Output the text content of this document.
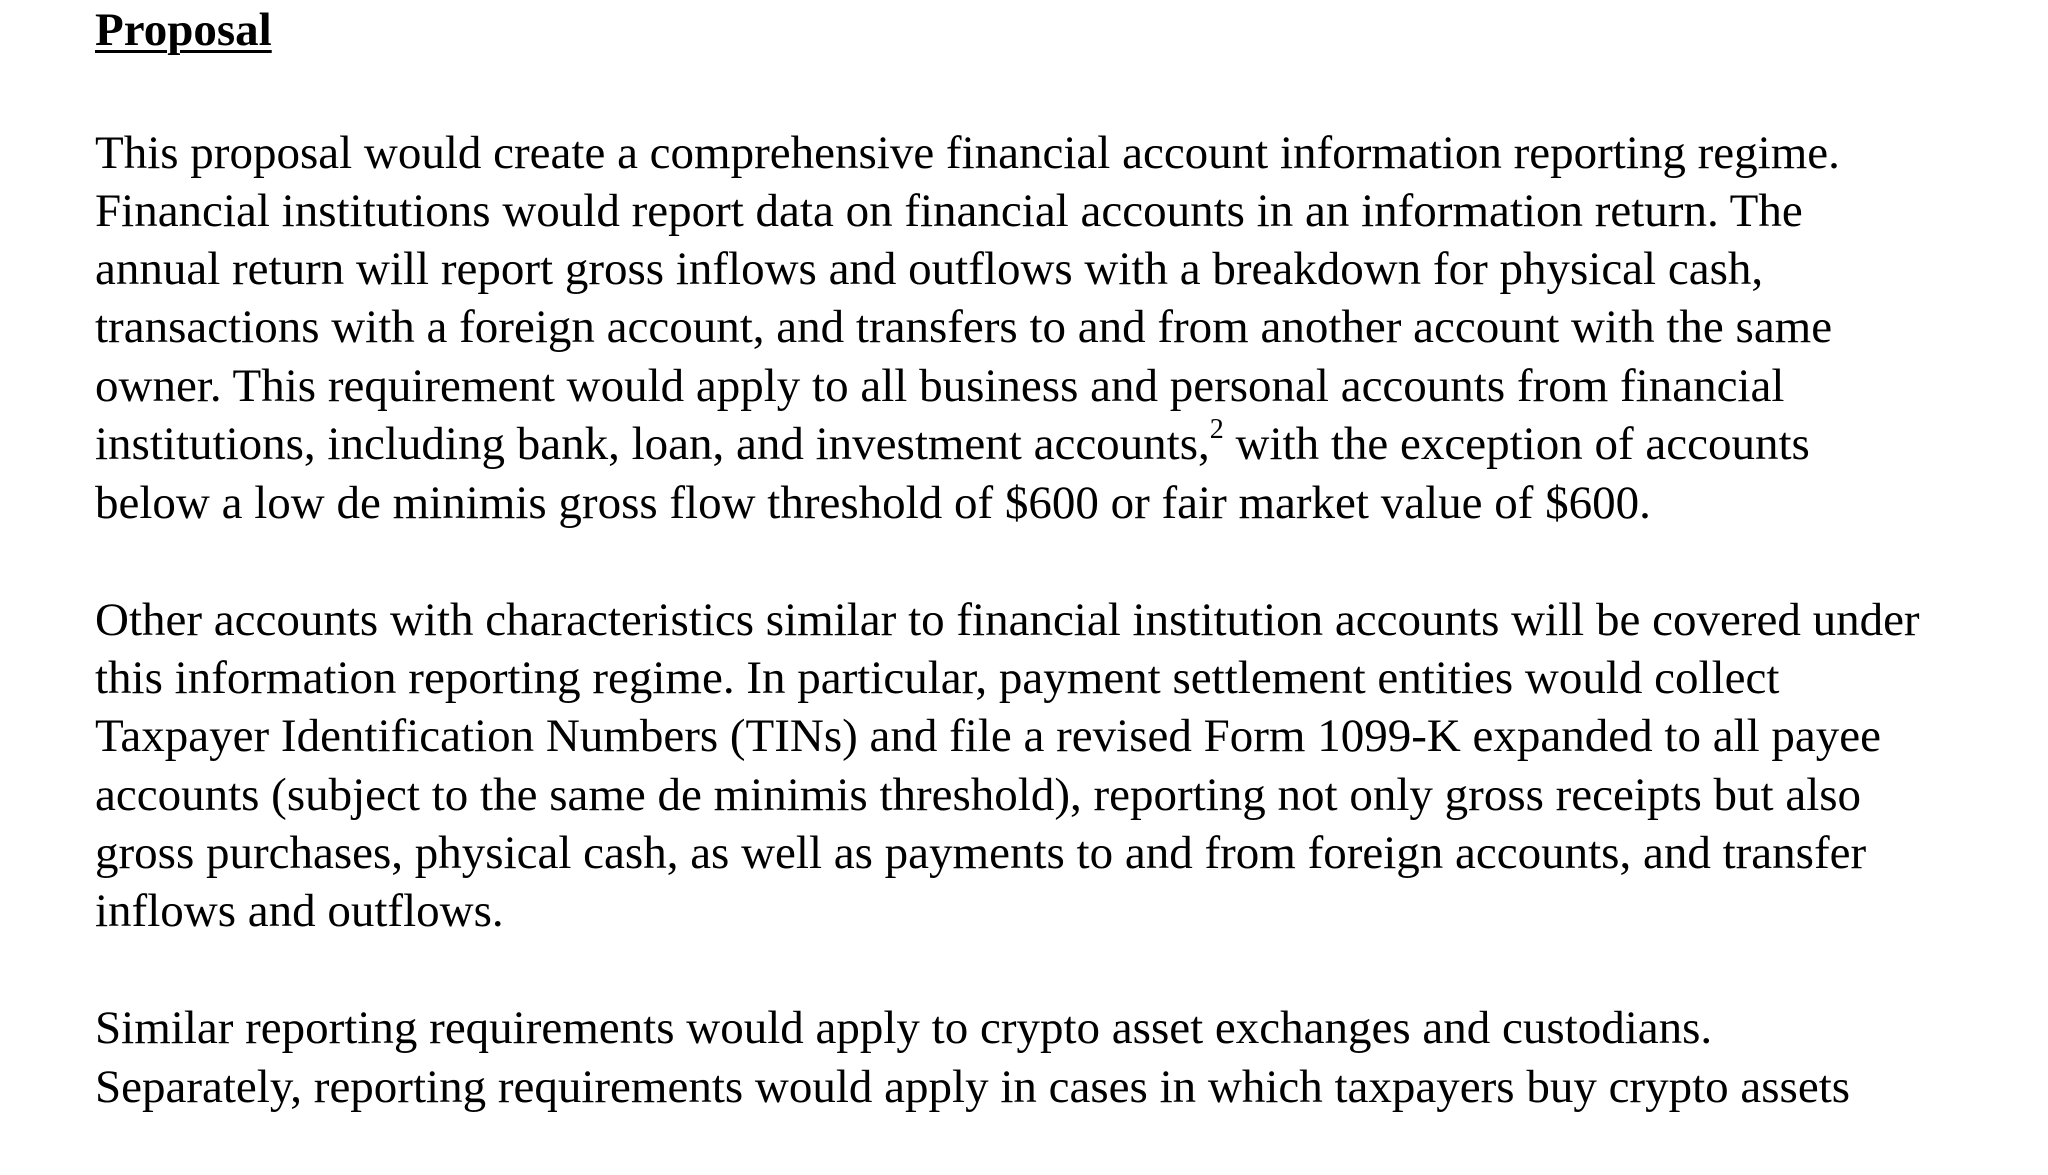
Proposal

This proposal would create a comprehensive financial account information reporting regime.

Financial institutions would report data on financial accounts in an information return. The

annual return will report gross inflows and outflows with a breakdown for physical cash,

transactions with a foreign account, and transfers to and from another account with the same

owner. This requirement would apply to all business and personal accounts from financial

institutions, including bank, loan, and investment accounts,$^2$ with the exception of accounts

below a low de minimis gross flow threshold of $600 or fair market value of $600.

Other accounts with characteristics similar to financial institution accounts will be covered under

this information reporting regime. In particular, payment settlement entities would collect

Taxpayer Identification Numbers (TINs) and file a revised Form 1099-K expanded to all payee

accounts (subject to the same de minimis threshold), reporting not only gross receipts but also

gross purchases, physical cash, as well as payments to and from foreign accounts, and transfer

inflows and outflows.

Similar reporting requirements would apply to crypto asset exchanges and custodians.

Separately, reporting requirements would apply in cases in which taxpayers buy crypto assets
